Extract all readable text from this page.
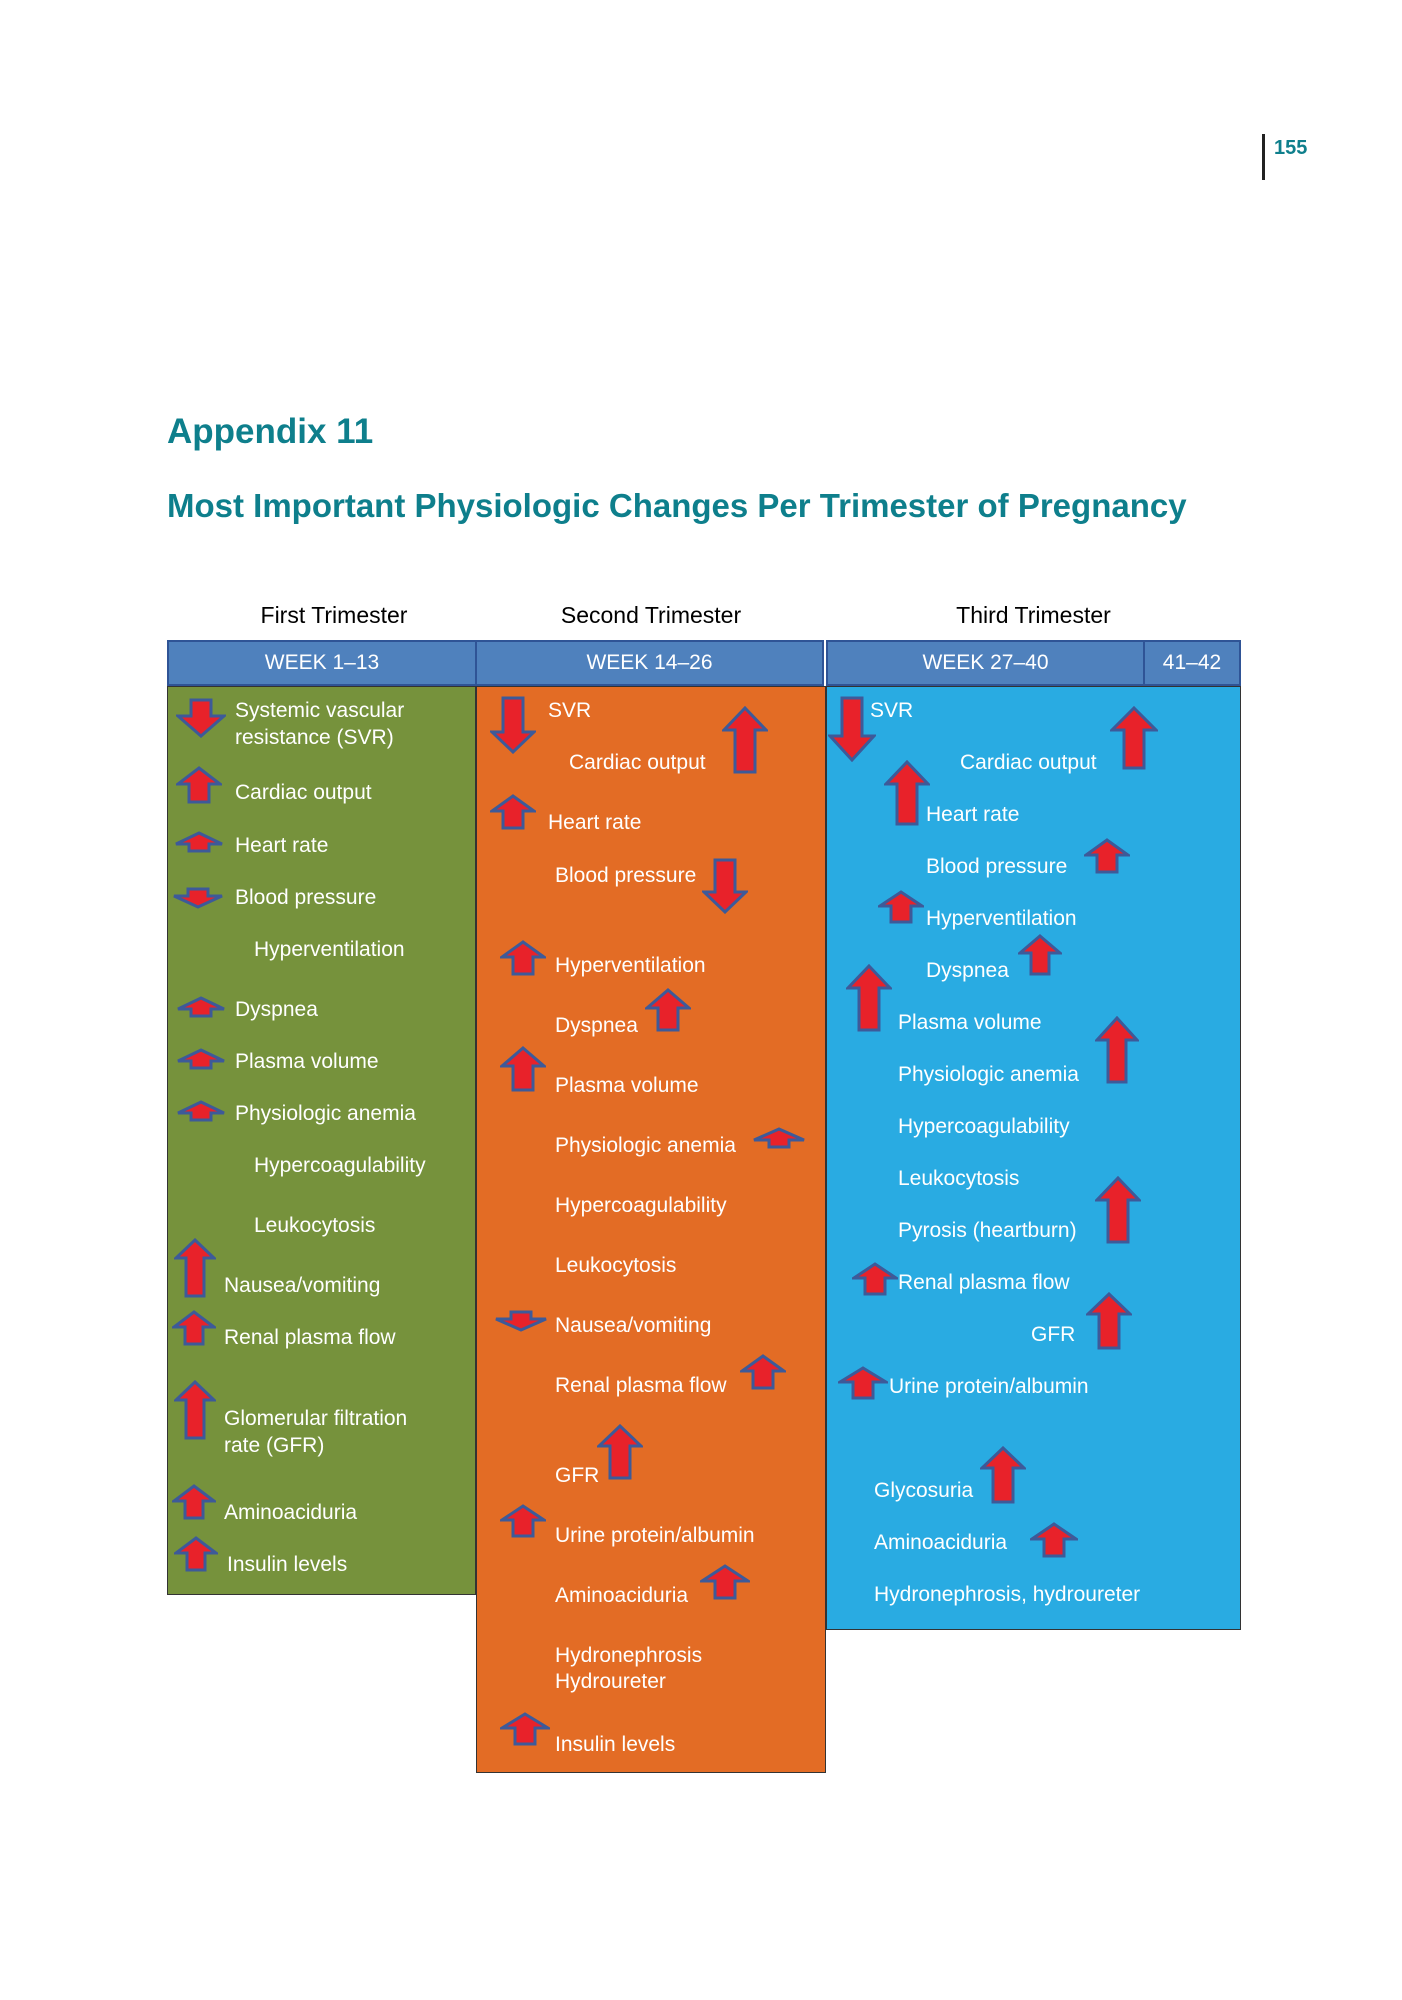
155
Appendix 11
Most Important Physiologic Changes Per Trimester of Pregnancy
First Trimester	Second Trimester	Third Trimester
WEEK 1–13	WEEK 14–26	WEEK 27–40	41–42
Systemic vascular
resistance (SVR)
Cardiac output
Heart rate
Blood pressure
Hyperventilation
Dyspnea
Plasma volume
Physiologic anemia
Hypercoagulability
Leukocytosis
Nausea/vomiting
Renal plasma flow
Glomerular filtration
rate (GFR)
Aminoaciduria
Insulin levels
SVR
Cardiac output
Heart rate
Blood pressure
Hyperventilation
Dyspnea
Plasma volume
Physiologic anemia
Hypercoagulability
Leukocytosis
Nausea/vomiting
Renal plasma flow
GFR
Urine protein/albumin
Aminoaciduria
Hydronephrosis
Hydroureter
Insulin levels
SVR
Cardiac output
Heart rate
Blood pressure
Hyperventilation
Dyspnea
Plasma volume
Physiologic anemia
Hypercoagulability
Leukocytosis
Pyrosis (heartburn)
Renal plasma flow
GFR
Urine protein/albumin
Glycosuria
Aminoaciduria
Hydronephrosis, hydroureter
